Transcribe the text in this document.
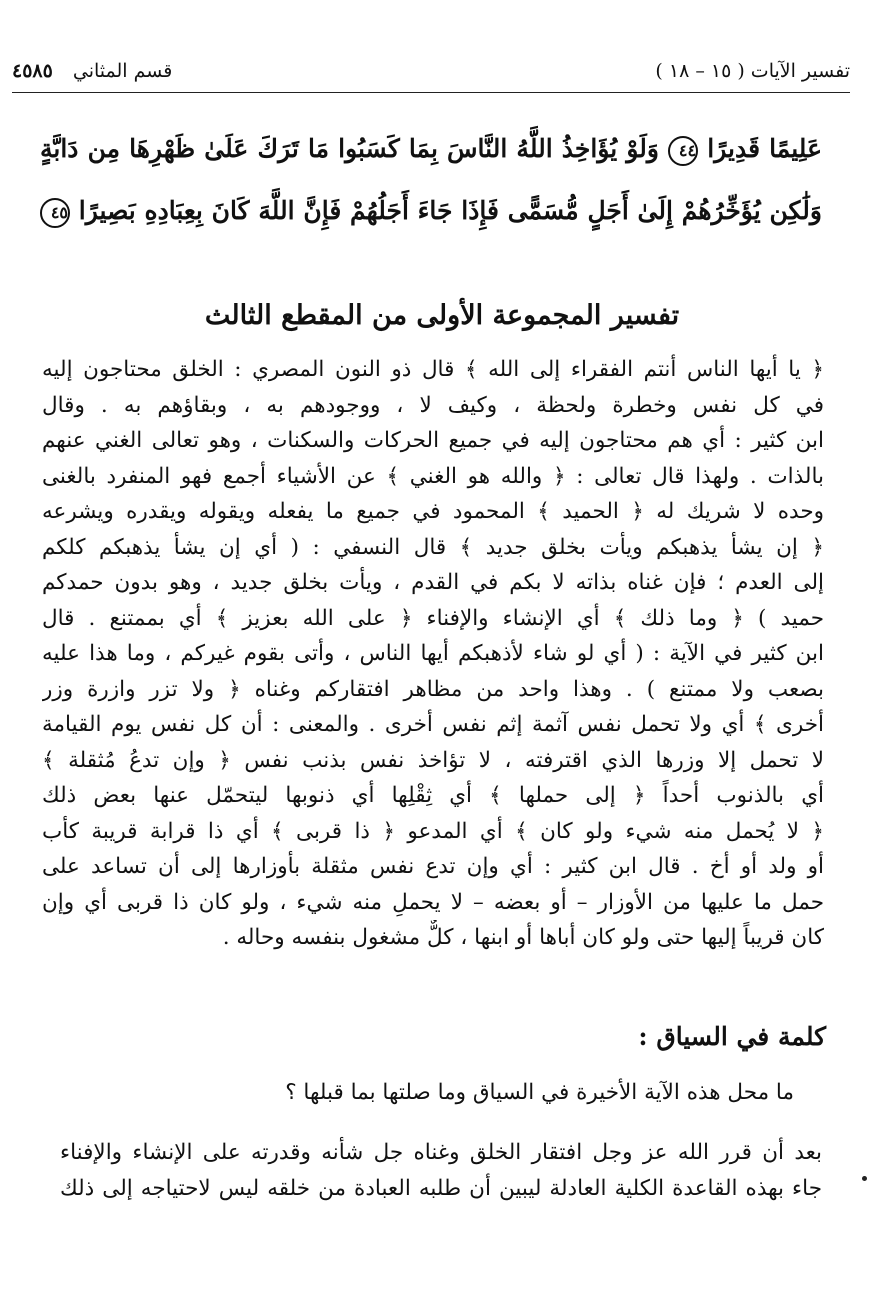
تفسير الآيات ( ١٥ – ١٨ )
قسم المثاني ٤٥٨٥
عَلِيمًا قَدِيرًا ٤٤ وَلَوْ يُؤَاخِذُ اللَّهُ النَّاسَ بِمَا كَسَبُوا مَا تَرَكَ عَلَىٰ ظَهْرِهَا مِن دَابَّةٍ
وَلَٰكِن يُؤَخِّرُهُمْ إِلَىٰ أَجَلٍ مُّسَمًّى فَإِذَا جَاءَ أَجَلُهُمْ فَإِنَّ اللَّهَ كَانَ بِعِبَادِهِ بَصِيرًا ٤٥
تفسير المجموعة الأولى من المقطع الثالث
﴿ يا أيها الناس أنتم الفقراء إلى الله ﴾ قال ذو النون المصري : الخلق محتاجون إليه
في كل نفس وخطرة ولحظة ، وكيف لا ، ووجودهم به ، وبقاؤهم به . وقال
ابن كثير : أي هم محتاجون إليه في جميع الحركات والسكنات ، وهو تعالى الغني عنهم
بالذات . ولهذا قال تعالى : ﴿ والله هو الغني ﴾ عن الأشياء أجمع فهو المنفرد بالغنى
وحده لا شريك له ﴿ الحميد ﴾ المحمود في جميع ما يفعله ويقوله ويقدره ويشرعه
﴿ إن يشأ يذهبكم ويأت بخلق جديد ﴾ قال النسفي : ( أي إن يشأ يذهبكم كلكم
إلى العدم ؛ فإن غناه بذاته لا بكم في القدم ، ويأت بخلق جديد ، وهو بدون حمدكم
حميد ) ﴿ وما ذلك ﴾ أي الإنشاء والإفناء ﴿ على الله بعزيز ﴾ أي بممتنع . قال
ابن كثير في الآية : ( أي لو شاء لأذهبكم أيها الناس ، وأتى بقوم غيركم ، وما هذا عليه
بصعب ولا ممتنع ) . وهذا واحد من مظاهر افتقاركم وغناه ﴿ ولا تزر وازرة وزر
أخرى ﴾ أي ولا تحمل نفس آثمة إثم نفس أخرى . والمعنى : أن كل نفس يوم القيامة
لا تحمل إلا وزرها الذي اقترفته ، لا تؤاخذ نفس بذنب نفس ﴿ وإن تدعُ مُثقلة ﴾
أي بالذنوب أحداً ﴿ إلى حملها ﴾ أي ثِقْلِها أي ذنوبها ليتحمّل عنها بعض ذلك
﴿ لا يُحمل منه شيء ولو كان ﴾ أي المدعو ﴿ ذا قربى ﴾ أي ذا قرابة قريبة كأب
أو ولد أو أخ . قال ابن كثير : أي وإن تدع نفس مثقلة بأوزارها إلى أن تساعد على
حمل ما عليها من الأوزار – أو بعضه – لا يحملِ منه شيء ، ولو كان ذا قربى أي وإن
كان قريباً إليها حتى ولو كان أباها أو ابنها ، كلٌّ مشغول بنفسه وحاله .
كلمة في السياق :
ما محل هذه الآية الأخيرة في السياق وما صلتها بما قبلها ؟
بعد أن قرر الله عز وجل افتقار الخلق وغناه جل شأنه وقدرته على الإنشاء والإفناء
جاء بهذه القاعدة الكلية العادلة ليبين أن طلبه العبادة من خلقه ليس لاحتياجه إلى ذلك
